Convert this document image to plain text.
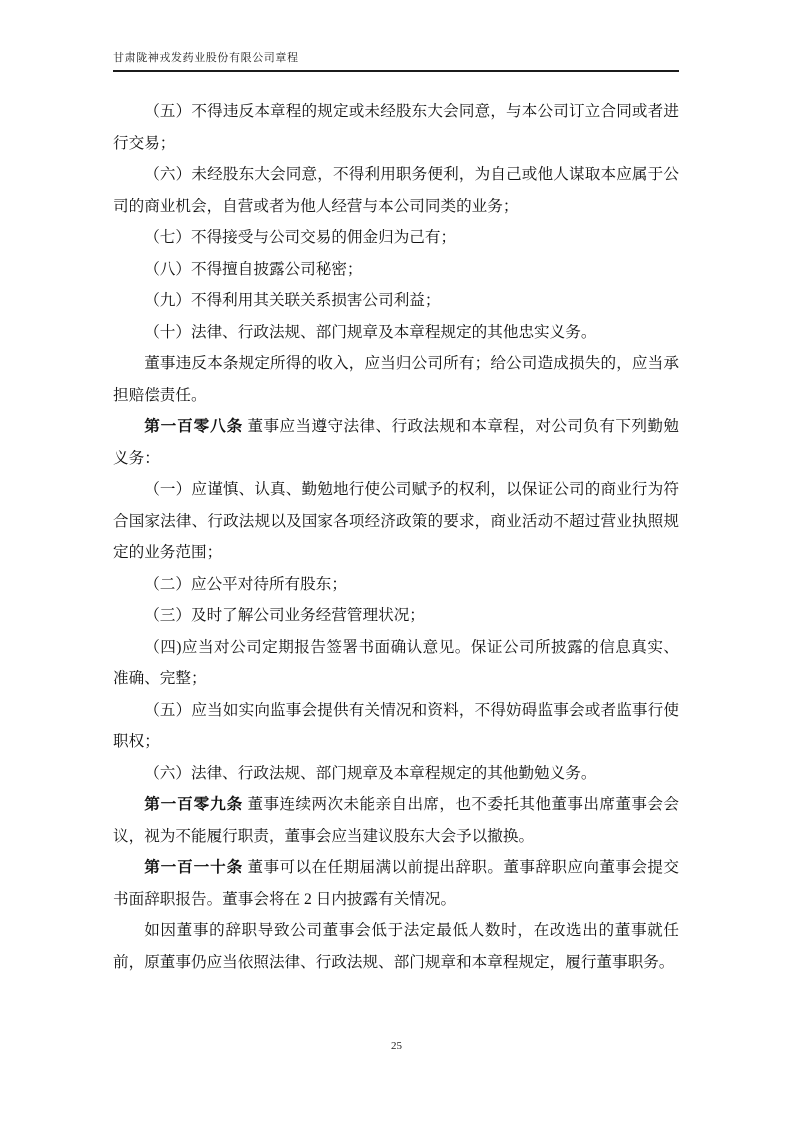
甘肃陇神戎发药业股份有限公司章程

（五）不得违反本章程的规定或未经股东大会同意，与本公司订立合同或者进行交易；

（六）未经股东大会同意，不得利用职务便利，为自己或他人谋取本应属于公司的商业机会，自营或者为他人经营与本公司同类的业务；

（七）不得接受与公司交易的佣金归为己有；

（八）不得擅自披露公司秘密；

（九）不得利用其关联关系损害公司利益；

（十）法律、行政法规、部门规章及本章程规定的其他忠实义务。

董事违反本条规定所得的收入，应当归公司所有；给公司造成损失的，应当承担赔偿责任。

第一百零八条 董事应当遵守法律、行政法规和本章程，对公司负有下列勤勉义务：

（一）应谨慎、认真、勤勉地行使公司赋予的权利，以保证公司的商业行为符合国家法律、行政法规以及国家各项经济政策的要求，商业活动不超过营业执照规定的业务范围；

（二）应公平对待所有股东；

（三）及时了解公司业务经营管理状况；

（四)应当对公司定期报告签署书面确认意见。保证公司所披露的信息真实、准确、完整；

（五）应当如实向监事会提供有关情况和资料，不得妨碍监事会或者监事行使职权；

（六）法律、行政法规、部门规章及本章程规定的其他勤勉义务。

第一百零九条 董事连续两次未能亲自出席，也不委托其他董事出席董事会会议，视为不能履行职责，董事会应当建议股东大会予以撤换。

第一百一十条 董事可以在任期届满以前提出辞职。董事辞职应向董事会提交书面辞职报告。董事会将在 2 日内披露有关情况。

如因董事的辞职导致公司董事会低于法定最低人数时，在改选出的董事就任前，原董事仍应当依照法律、行政法规、部门规章和本章程规定，履行董事职务。

25
